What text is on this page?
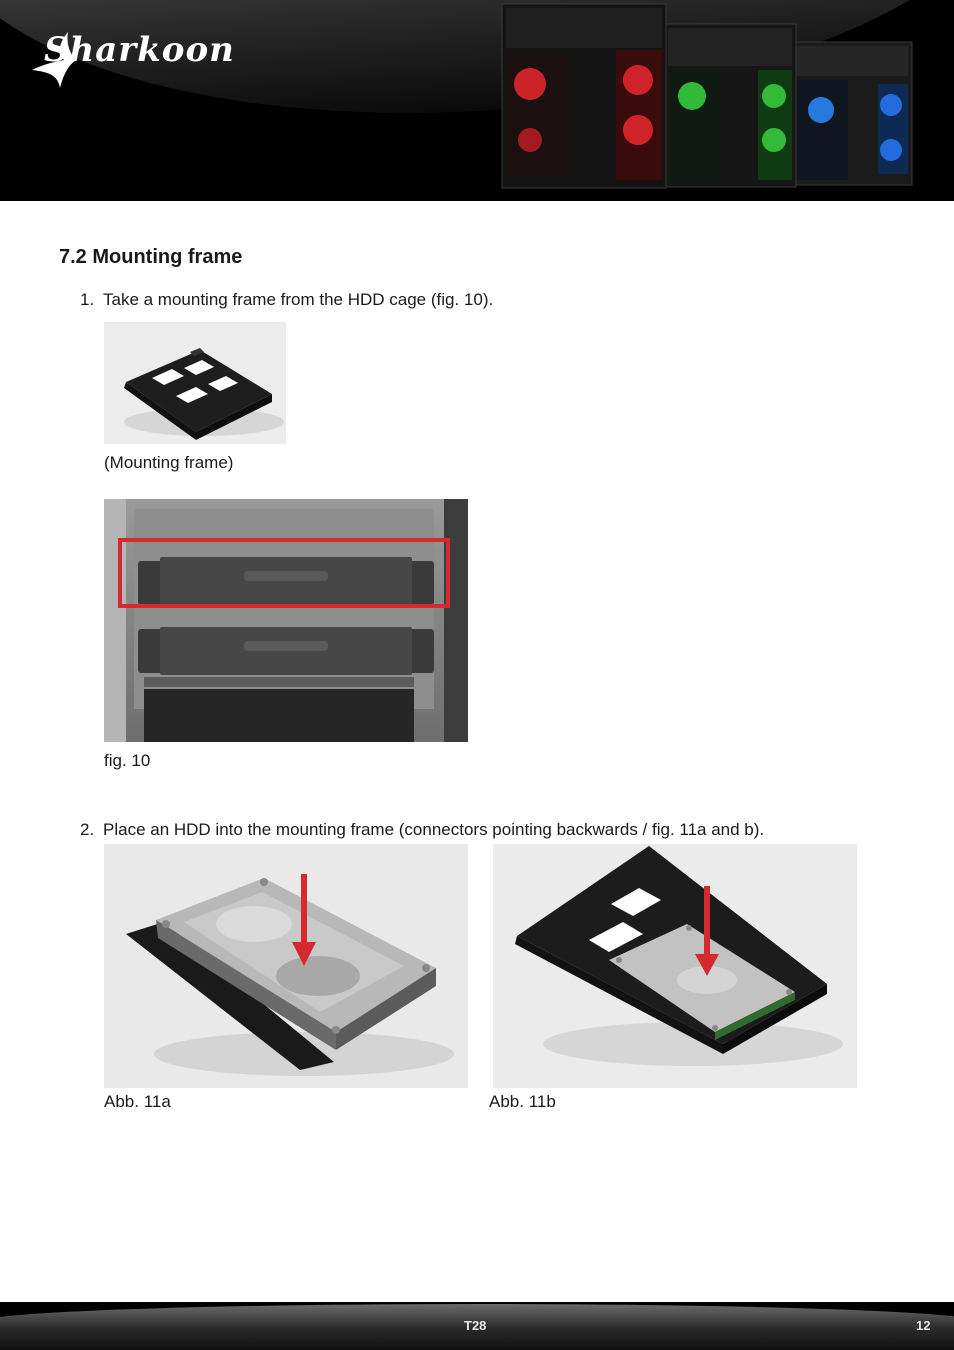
Sharkoon
7.2 Mounting frame
1. Take a mounting frame from the HDD cage (fig. 10).
(Mounting frame)
fig. 10
2. Place an HDD into the mounting frame (connectors pointing backwards / fig. 11a and b).
Abb. 11a	Abb. 11b
T28	12
